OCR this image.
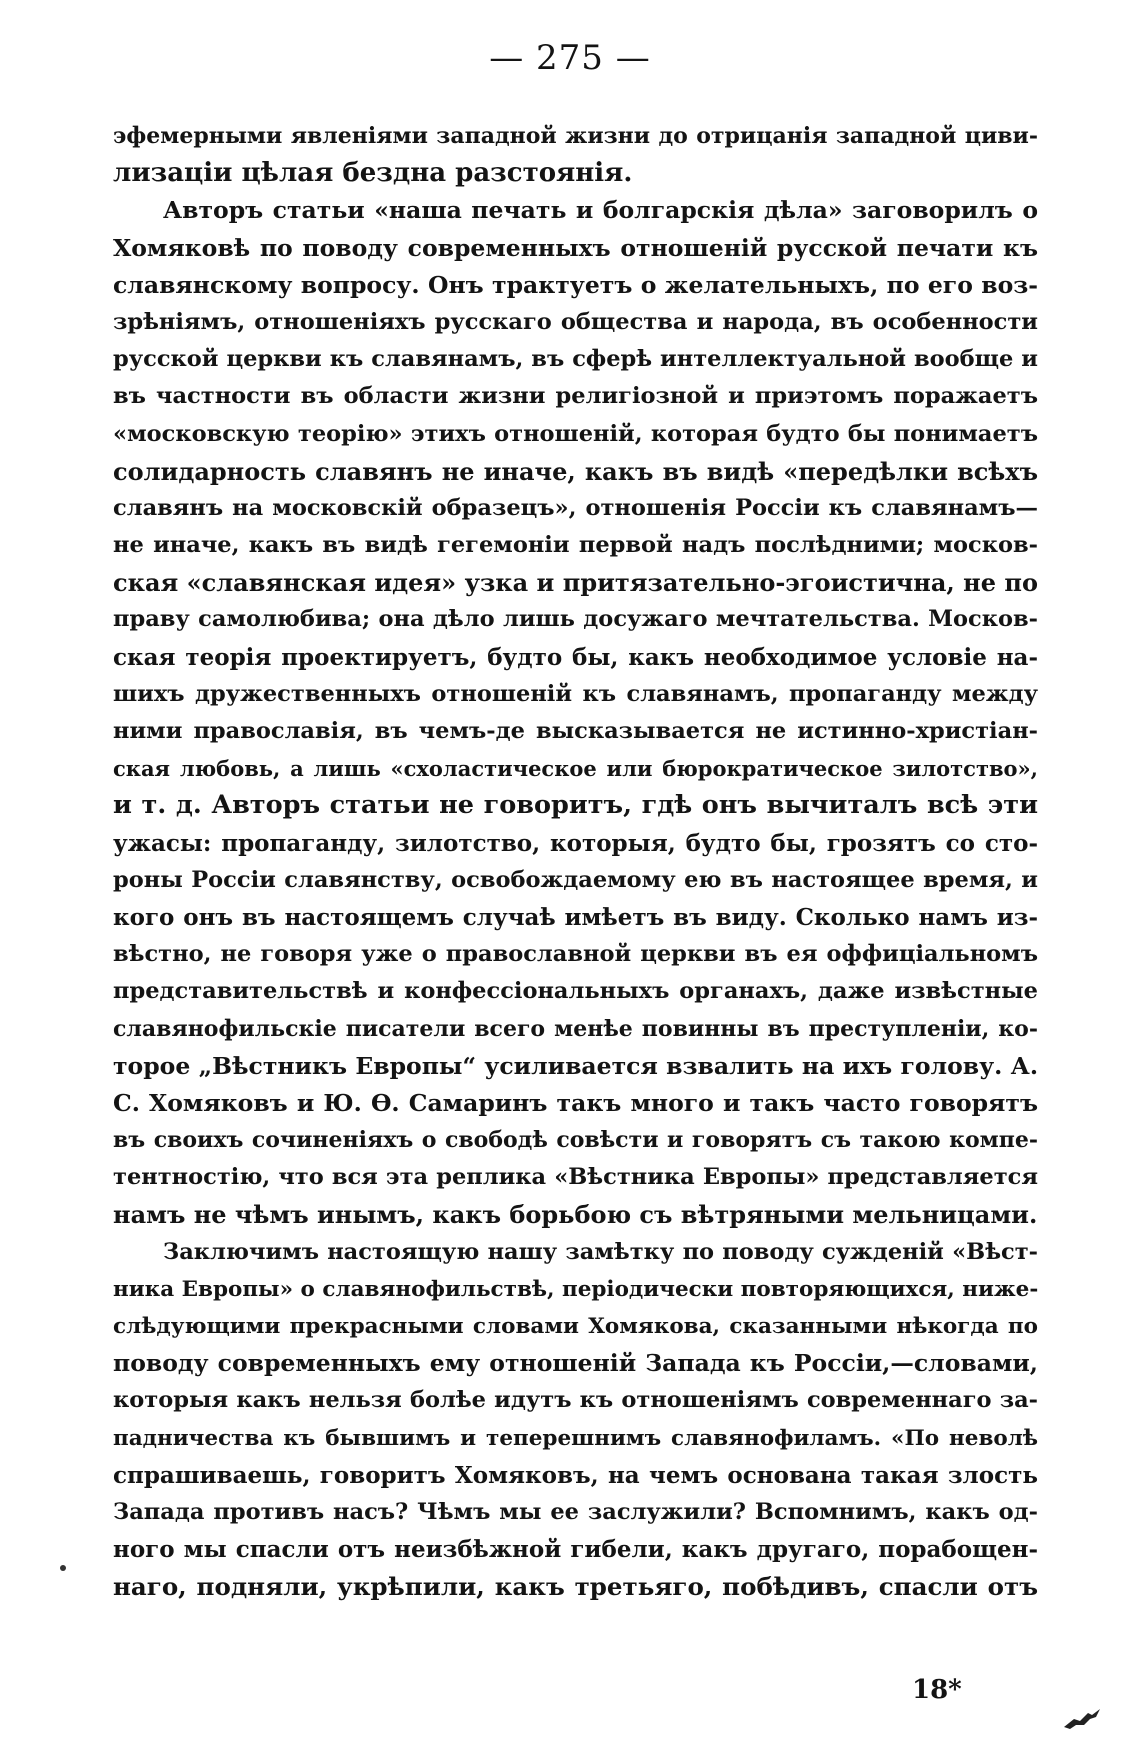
— 275 —
эфемерными явленіями западной жизни до отрицанія западной циви-
лизаціи цѣлая бездна разстоянія.
Авторъ статьи «наша печать и болгарскія дѣла» заговорилъ о
Хомяковѣ по поводу современныхъ отношеній русской печати къ
славянскому вопросу. Онъ трактуетъ о желательныхъ, по его воз-
зрѣніямъ, отношеніяхъ русскаго общества и народа, въ особенности
русской церкви къ славянамъ, въ сферѣ интеллектуальной вообще и
въ частности въ области жизни религіозной и приэтомъ поражаетъ
«московскую теорію» этихъ отношеній, которая будто бы понимаетъ
солидарность славянъ не иначе, какъ въ видѣ «передѣлки всѣхъ
славянъ на московскій образецъ», отношенія Россіи къ славянамъ—
не иначе, какъ въ видѣ гегемоніи первой надъ послѣдними; москов-
ская «славянская идея» узка и притязательно-эгоистична, не по
праву самолюбива; она дѣло лишь досужаго мечтательства. Москов-
ская теорія проектируетъ, будто бы, какъ необходимое условіе на-
шихъ дружественныхъ отношеній къ славянамъ, пропаганду между
ними православія, въ чемъ-де высказывается не истинно-христіан-
ская любовь, а лишь «схоластическое или бюрократическое зилотство»,
и т. д. Авторъ статьи не говоритъ, гдѣ онъ вычиталъ всѣ эти
ужасы: пропаганду, зилотство, которыя, будто бы, грозятъ со сто-
роны Россіи славянству, освобождаемому ею въ настоящее время, и
кого онъ въ настоящемъ случаѣ имѣетъ въ виду. Сколько намъ из-
вѣстно, не говоря уже о православной церкви въ ея оффиціальномъ
представительствѣ и конфессіональныхъ органахъ, даже извѣстные
славянофильскіе писатели всего менѣе повинны въ преступленіи, ко-
торое „Вѣстникъ Европы“ усиливается взвалить на ихъ голову. А.
С. Хомяковъ и Ю. Ѳ. Самаринъ такъ много и такъ часто говорятъ
въ своихъ сочиненіяхъ о свободѣ совѣсти и говорятъ съ такою компе-
тентностію, что вся эта реплика «Вѣстника Европы» представляется
намъ не чѣмъ инымъ, какъ борьбою съ вѣтряными мельницами.
Заключимъ настоящую нашу замѣтку по поводу сужденій «Вѣст-
ника Европы» о славянофильствѣ, періодически повторяющихся, ниже-
слѣдующими прекрасными словами Хомякова, сказанными нѣкогда по
поводу современныхъ ему отношеній Запада къ Россіи,—словами,
которыя какъ нельзя болѣе идутъ къ отношеніямъ современнаго за-
падничества къ бывшимъ и теперешнимъ славянофиламъ. «По неволѣ
спрашиваешь, говоритъ Хомяковъ, на чемъ основана такая злость
Запада противъ насъ? Чѣмъ мы ее заслужили? Вспомнимъ, какъ од-
ного мы спасли отъ неизбѣжной гибели, какъ другаго, порабощен-
наго, подняли, укрѣпили, какъ третьяго, побѣдивъ, спасли отъ
18*
